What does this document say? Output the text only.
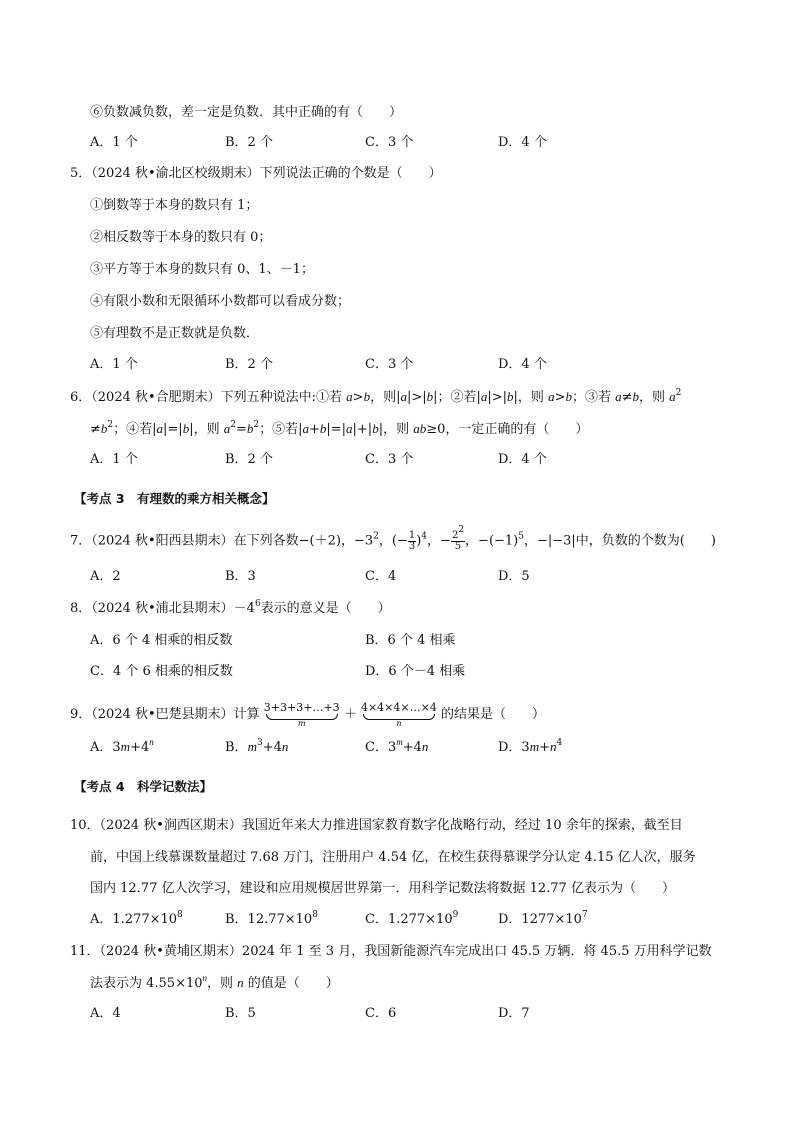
⑥负数减负数，差一定是负数．其中正确的有（　　）
A．1 个	B．2 个	C．3 个	D．4 个
5．（2024 秋•渝北区校级期末）下列说法正确的个数是（　　）
①倒数等于本身的数只有 1；
②相反数等于本身的数只有 0；
③平方等于本身的数只有 0、1、－1；
④有限小数和无限循环小数都可以看成分数；
⑤有理数不是正数就是负数．
A．1 个	B．2 个	C．3 个	D．4 个
6．（2024 秋•合肥期末）下列五种说法中:①若 a>b，则|a|>|b|；②若|a|>|b|，则 a>b；③若 a≠b，则 $a^2$
$\ne b^2$；④若|a|=|b|，则 $a^2=b^2$；⑤若|a+b|=|a|+|b|，则 ab≥0，一定正确的有（　　）
A．1 个	B．2 个	C．3 个	D．4 个
【考点 3　有理数的乘方相关概念】
7．（2024 秋•阳西县期末）在下列各数−(＋2)，$-3^2$，(− $\frac{1}{3} )^4$，− $\frac{2^2}{5}$ ，$-(-1)^5$，−|−3|中，负数的个数为(　　)
A．2	B．3	C．4	D．5
8．（2024 秋•浦北县期末）$-4^6$表示的意义是（　　）
A．6 个 4 相乘的相反数	B．6 个 4 相乘
C．4 个 6 相乘的相反数	D．6 个－4 相乘
9．（2024 秋•巴楚县期末）计算 3+3+3+…+3
m
＋ 4×4×4×…×4
n
的结果是（　　）
A．$3m+4^n$	B．$m^3+4n$	C．$3^m+4n$	D．$3m+n^4$
【考点 4　科学记数法】
10．（2024 秋•涧西区期末）我国近年来大力推进国家教育数字化战略行动，经过 10 余年的探索，截至目
前，中国上线慕课数量超过 7.68 万门，注册用户 4.54 亿，在校生获得慕课学分认定 4.15 亿人次，服务
国内 12.77 亿人次学习，建设和应用规模居世界第一．用科学记数法将数据 12.77 亿表示为（　　）
A．$1.277\times 10^8$	B．$12.77\times 10^8$	C．$1.277\times 10^9$	D．$1277\times 10^7$
11．（2024 秋•黄埔区期末）2024 年 1 至 3 月，我国新能源汽车完成出口 45.5 万辆．将 45.5 万用科学记数
法表示为 $4.55\times 10^n$，则 n 的值是（　　）
A．4	B．5	C．6	D．7
